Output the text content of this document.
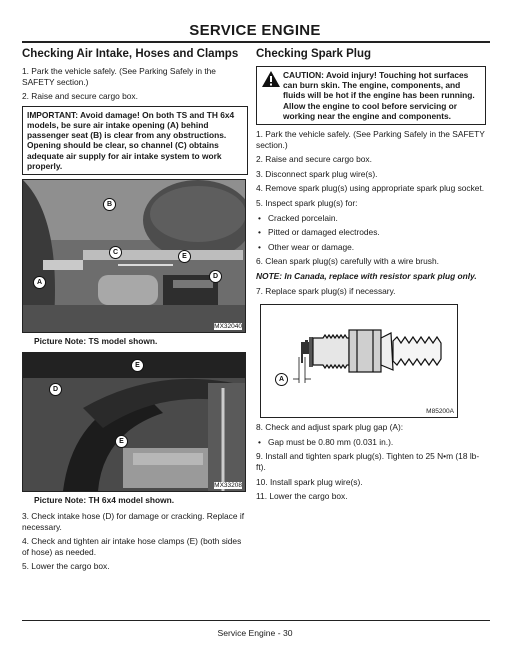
SERVICE ENGINE
Checking Air Intake, Hoses and Clamps

1. Park the vehicle safely. (See Parking Safely in the SAFETY section.)

2. Raise and secure cargo box.

IMPORTANT: Avoid damage! On both TS and TH 6x4 models, be sure air intake opening (A) behind passenger seat (B) is clear from any obstructions. Opening should be clear, so channel (C) obtains adequate air supply for air intake system to work properly.
B
C
E
D
A
MX32040
Picture Note: TS model shown.
E
D
E
MX33208
Picture Note: TH 6x4 model shown.

3. Check intake hose (D) for damage or cracking. Replace if necessary.

4. Check and tighten air intake hose clamps (E) (both sides of hose) as needed.

5. Lower the cargo box.

Checking Spark Plug
CAUTION: Avoid injury! Touching hot surfaces can burn skin. The engine, components, and fluids will be hot if the engine has been running. Allow the engine to cool before servicing or working near the engine and components.

1. Park the vehicle safely. (See Parking Safely in the SAFETY section.)

2. Raise and secure cargo box.

3. Disconnect spark plug wire(s).

4. Remove spark plug(s) using appropriate spark plug socket.

5. Inspect spark plug(s) for:

• Cracked porcelain.

• Pitted or damaged electrodes.

• Other wear or damage.

6. Clean spark plug(s) carefully with a wire brush.

NOTE: In Canada, replace with resistor spark plug only.

7. Replace spark plug(s) if necessary.

A
M85200A

8. Check and adjust spark plug gap (A):

• Gap must be 0.80 mm (0.031 in.).

9. Install and tighten spark plug(s). Tighten to 25 N•m (18 lb-ft).

10. Install spark plug wire(s).

11. Lower the cargo box.

Service Engine - 30
